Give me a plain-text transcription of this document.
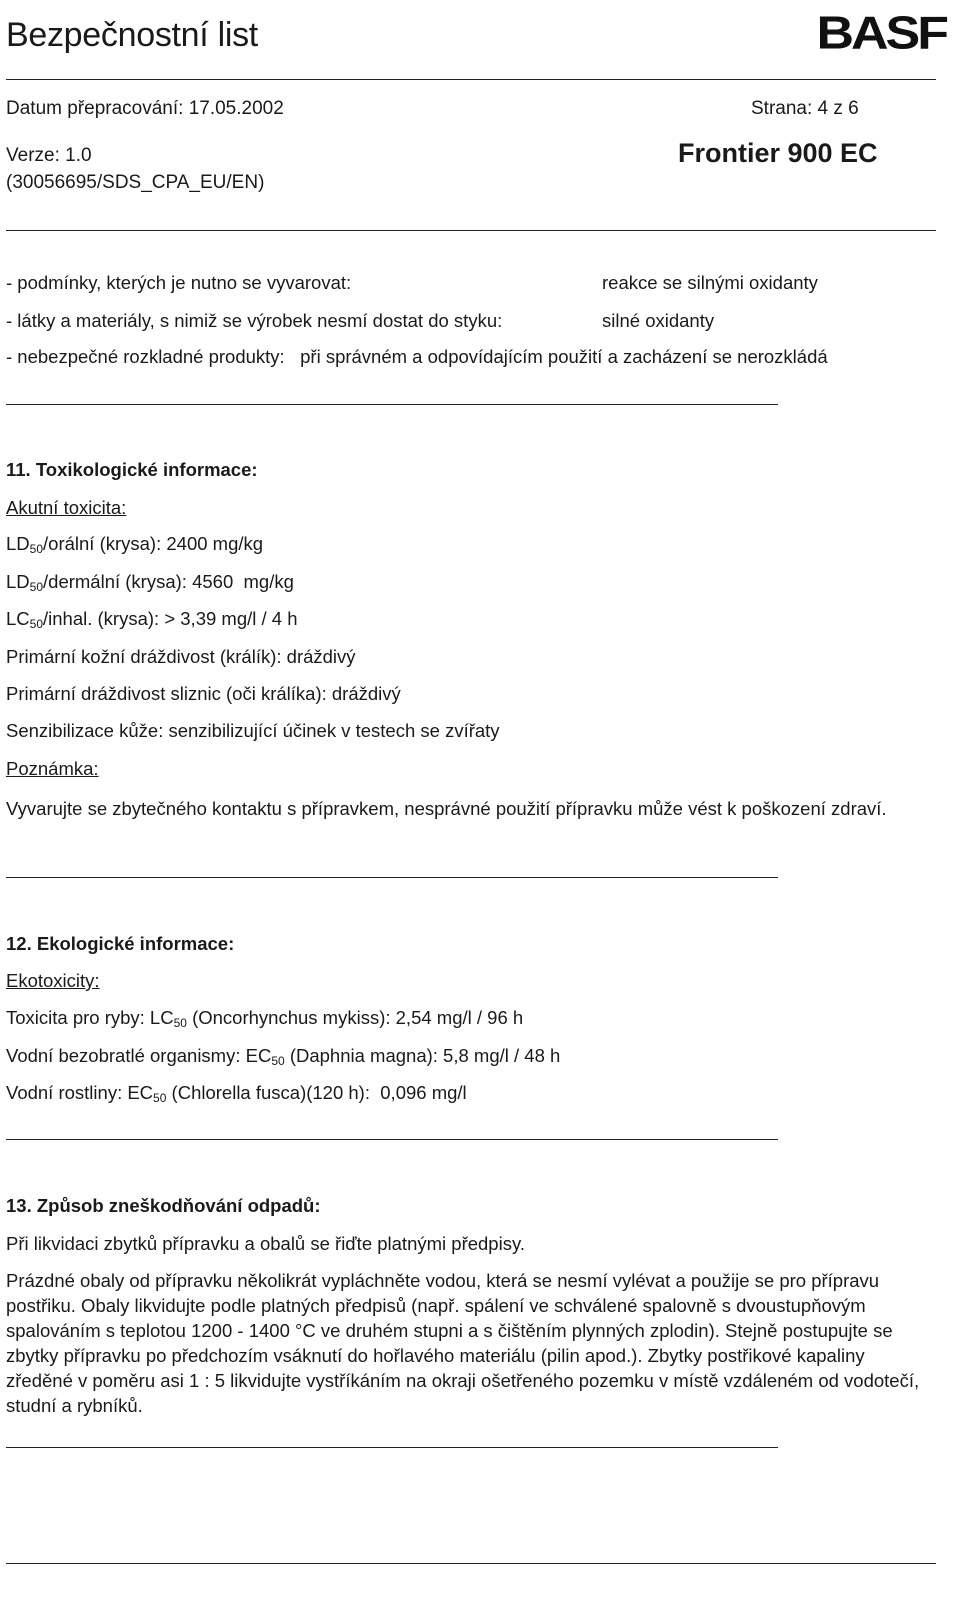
Bezpečnostní list	BASF
Datum přepracování: 17.05.2002	Strana: 4 z 6
Verze: 1.0	Frontier 900 EC
(30056695/SDS_CPA_EU/EN)
- podmínky, kterých je nutno se vyvarovat:	reakce se silnými oxidanty
- látky a materiály, s nimiž se výrobek nesmí dostat do styku:	silné oxidanty
- nebezpečné rozkladné produkty:   při správném a odpovídajícím použití a zacházení se nerozkládá
11. Toxikologické informace:
Akutní toxicita:
$LD_{50}$/orální (krysa): 2400 mg/kg
$LD_{50}$/dermální (krysa): 4560  mg/kg
$LC_{50}$/inhal. (krysa): > 3,39 mg/l / 4 h
Primární kožní dráždivost (králík): dráždivý
Primární dráždivost sliznic (oči králíka): dráždivý
Senzibilizace kůže: senzibilizující účinek v testech se zvířaty
Poznámka:
Vyvarujte se zbytečného kontaktu s přípravkem, nesprávné použití přípravku může vést k poškození zdraví.
12. Ekologické informace:
Ekotoxicity:
Toxicita pro ryby: $LC_{50}$ (Oncorhynchus mykiss): 2,54 mg/l / 96 h
Vodní bezobratlé organismy: $EC_{50}$ (Daphnia magna): 5,8 mg/l / 48 h
Vodní rostliny: $EC_{50}$ (Chlorella fusca)(120 h):  0,096 mg/l
13. Způsob zneškodňování odpadů:
Při likvidaci zbytků přípravku a obalů se řiďte platnými předpisy.
Prázdné obaly od přípravku několikrát vypláchněte vodou, která se nesmí vylévat a použije se pro přípravu postřiku. Obaly likvidujte podle platných předpisů (např. spálení ve schválené spalovně s dvoustupňovým spalováním s teplotou 1200 - 1400 °C ve druhém stupni a s čištěním plynných zplodin). Stejně postupujte se zbytky přípravku po předchozím vsáknutí do hořlavého materiálu (pilin apod.). Zbytky postřikové kapaliny zředěné v poměru asi 1 : 5 likvidujte vystříkáním na okraji ošetřeného pozemku v místě vzdáleném od vodotečí, studní a rybníků.
